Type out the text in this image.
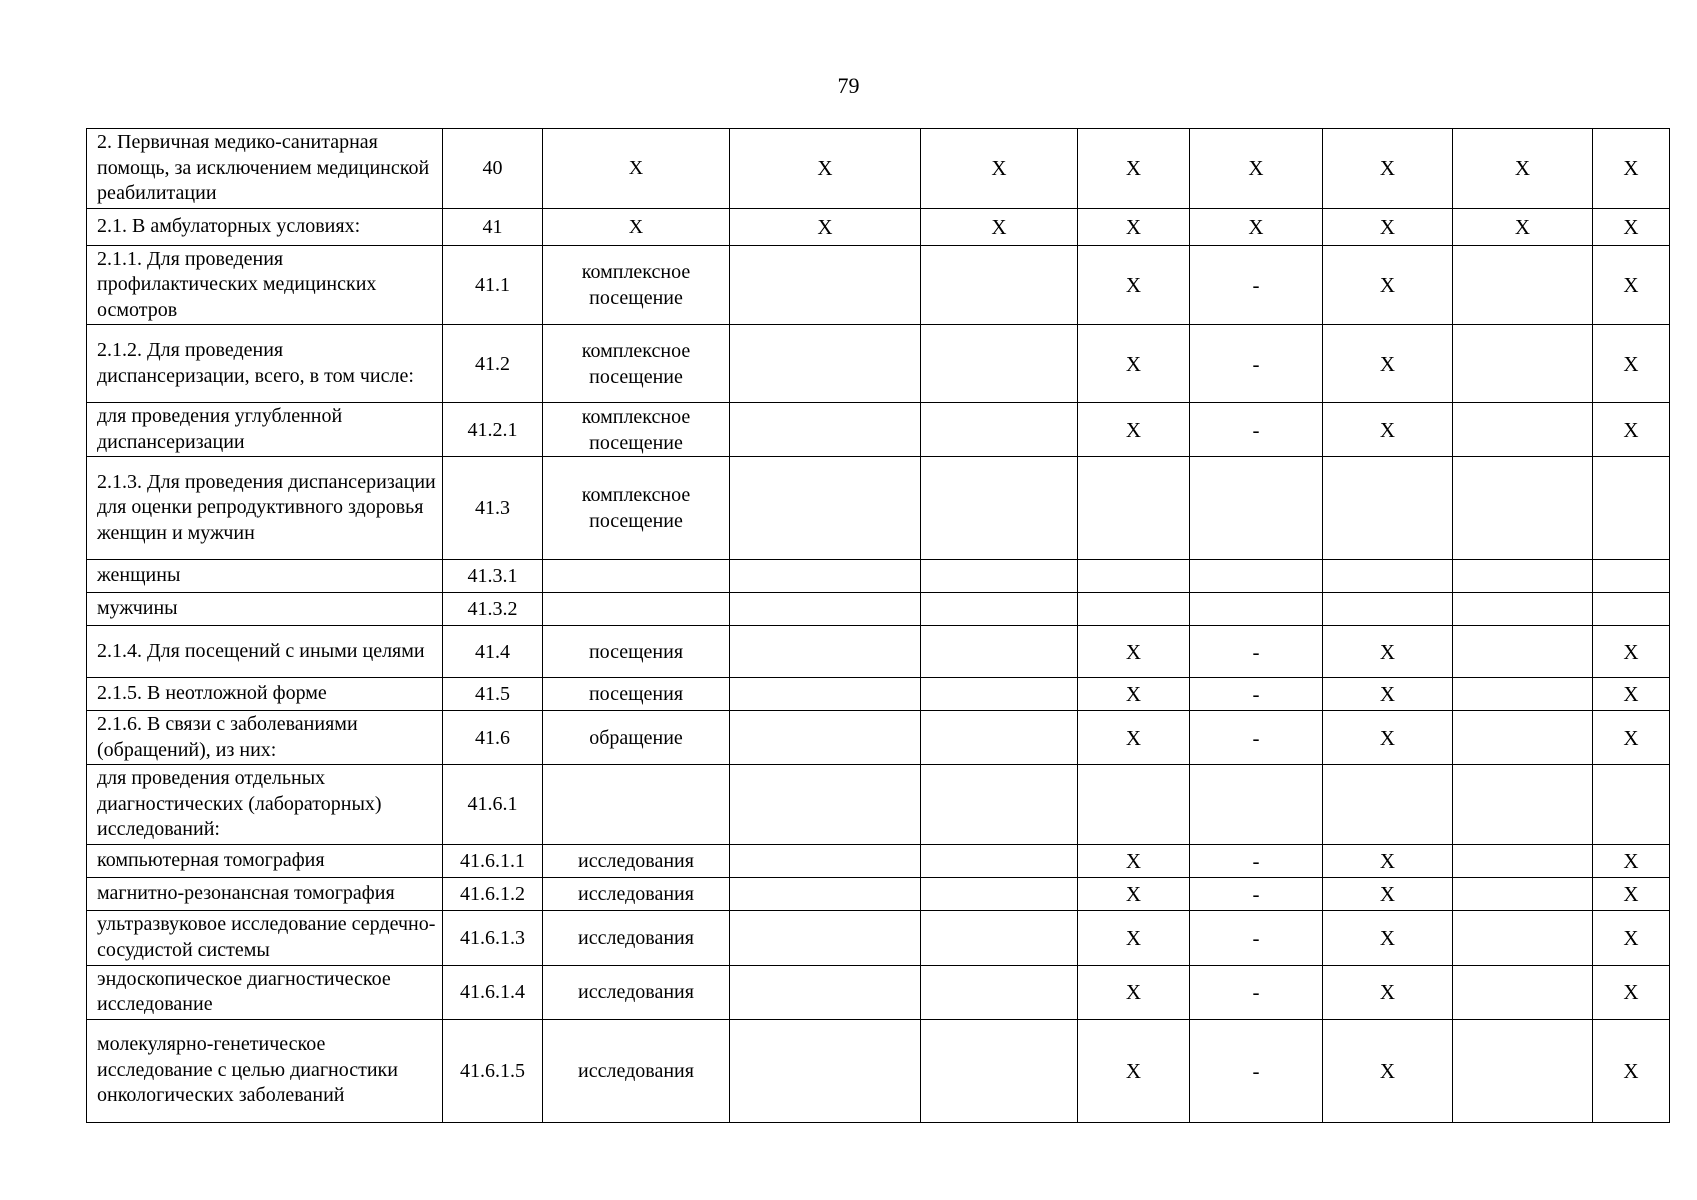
79
2. Первичная медико-санитарная помощь, за исключением медицинской реабилитации	40	X	X	X	X	X	X	X	X
2.1. В амбулаторных условиях:	41	X	X	X	X	X	X	X	X
2.1.1. Для проведения профилактических медицинских осмотров	41.1	комплексное посещение			X	-	X		X
2.1.2. Для проведения диспансеризации, всего, в том числе:	41.2	комплексное посещение			X	-	X		X
для проведения углубленной диспансеризации	41.2.1	комплексное посещение			X	-	X		X
2.1.3. Для проведения диспансеризации для оценки репродуктивного здоровья женщин и мужчин	41.3	комплексное посещение							
женщины	41.3.1								
мужчины	41.3.2								
2.1.4. Для посещений с иными целями	41.4	посещения			X	-	X		X
2.1.5. В неотложной форме	41.5	посещения			X	-	X		X
2.1.6. В связи с заболеваниями (обращений), из них:	41.6	обращение			X	-	X		X
для проведения отдельных диагностических (лабораторных) исследований:	41.6.1								
компьютерная томография	41.6.1.1	исследования			X	-	X		X
магнитно-резонансная томография	41.6.1.2	исследования			X	-	X		X
ультразвуковое исследование сердечно-сосудистой системы	41.6.1.3	исследования			X	-	X		X
эндоскопическое диагностическое исследование	41.6.1.4	исследования			X	-	X		X
молекулярно-генетическое исследование с целью диагностики онкологических заболеваний	41.6.1.5	исследования			X	-	X		X
